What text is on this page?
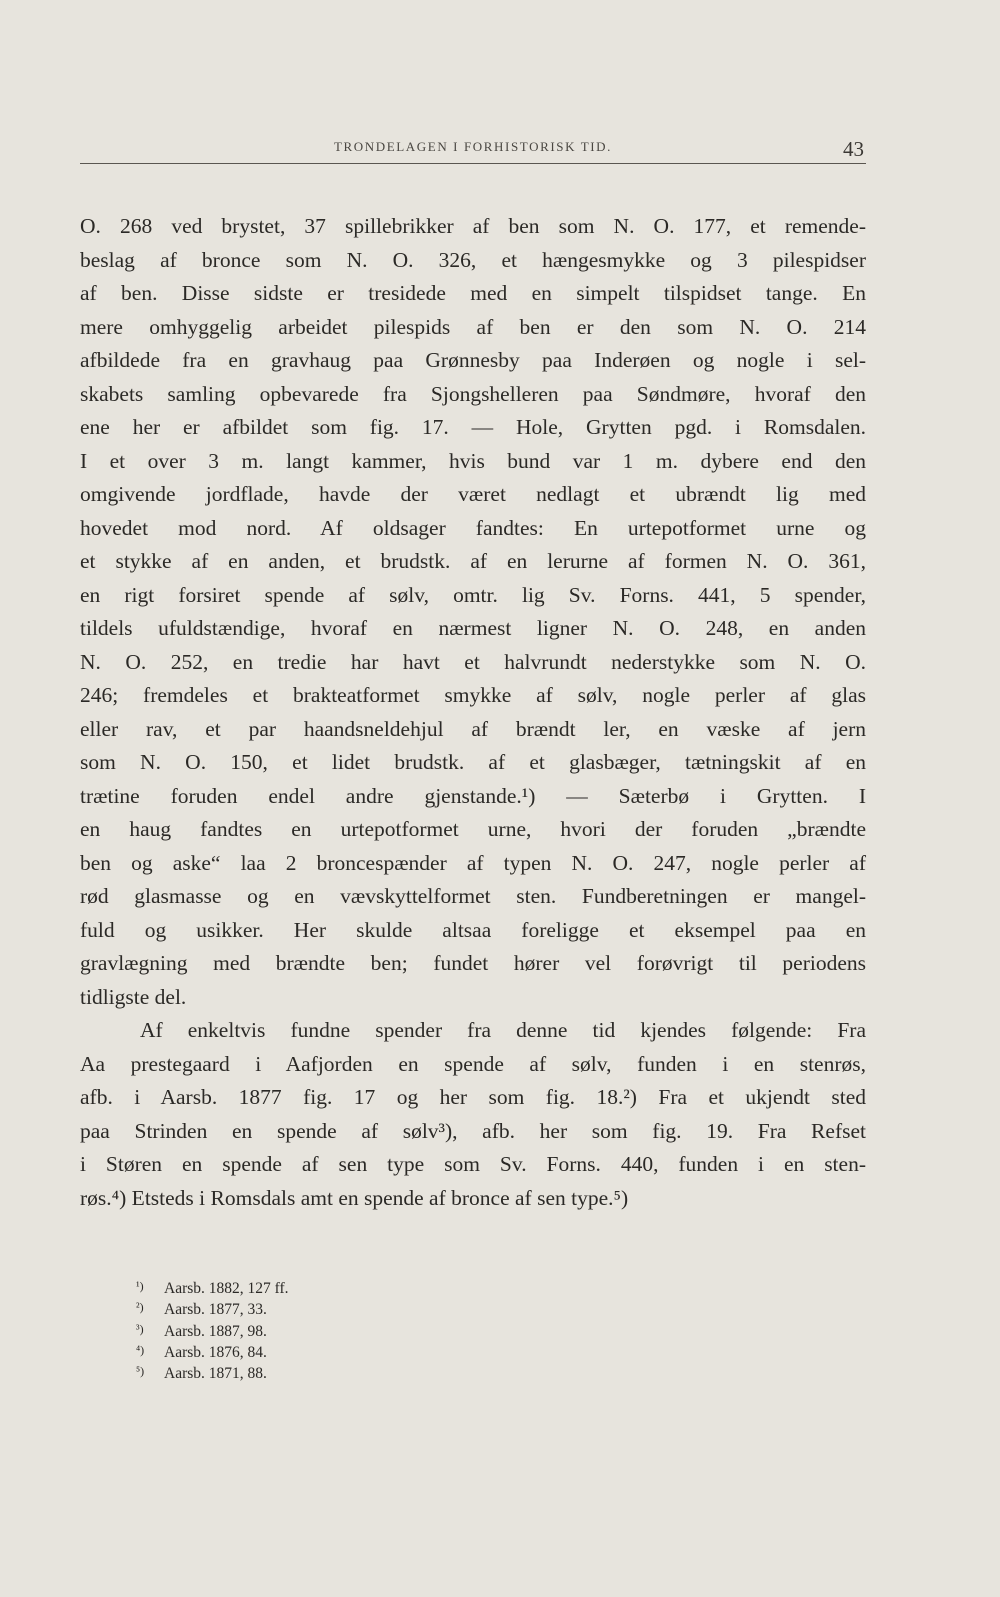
TRONDELAGEN I FORHISTORISK TID.	43
O. 268 ved brystet, 37 spillebrikker af ben som N. O. 177, et remende-
beslag af bronce som N. O. 326, et hængesmykke og 3 pilespidser
af ben. Disse sidste er tresidede med en simpelt tilspidset tange. En
mere omhyggelig arbeidet pilespids af ben er den som N. O. 214
afbildede fra en gravhaug paa Grønnesby paa Inderøen og nogle i sel-
skabets samling opbevarede fra Sjongshelleren paa Søndmøre, hvoraf den
ene her er afbildet som fig. 17. — Hole, Grytten pgd. i Romsdalen.
I et over 3 m. langt kammer, hvis bund var 1 m. dybere end den
omgivende jordflade, havde der været nedlagt et ubrændt lig med
hovedet mod nord. Af oldsager fandtes: En urtepotformet urne og
et stykke af en anden, et brudstk. af en lerurne af formen N. O. 361,
en rigt forsiret spende af sølv, omtr. lig Sv. Forns. 441, 5 spender,
tildels ufuldstændige, hvoraf en nærmest ligner N. O. 248, en anden
N. O. 252, en tredie har havt et halvrundt nederstykke som N. O.
246; fremdeles et brakteatformet smykke af sølv, nogle perler af glas
eller rav, et par haandsneldehjul af brændt ler, en væske af jern
som N. O. 150, et lidet brudstk. af et glasbæger, tætningskit af en
trætine foruden endel andre gjenstande.¹) — Sæterbø i Grytten. I
en haug fandtes en urtepotformet urne, hvori der foruden „brændte
ben og aske“ laa 2 broncespænder af typen N. O. 247, nogle perler af
rød glasmasse og en vævskyttelformet sten. Fundberetningen er mangel-
fuld og usikker. Her skulde altsaa foreligge et eksempel paa en
gravlægning med brændte ben; fundet hører vel forøvrigt til periodens
tidligste del.
Af enkeltvis fundne spender fra denne tid kjendes følgende: Fra
Aa prestegaard i Aafjorden en spende af sølv, funden i en stenrøs,
afb. i Aarsb. 1877 fig. 17 og her som fig. 18.²) Fra et ukjendt sted
paa Strinden en spende af sølv³), afb. her som fig. 19. Fra Refset
i Støren en spende af sen type som Sv. Forns. 440, funden i en sten-
røs.⁴) Etsteds i Romsdals amt en spende af bronce af sen type.⁵)
¹) Aarsb. 1882, 127 ff.
²) Aarsb. 1877, 33.
³) Aarsb. 1887, 98.
⁴) Aarsb. 1876, 84.
⁵) Aarsb. 1871, 88.
